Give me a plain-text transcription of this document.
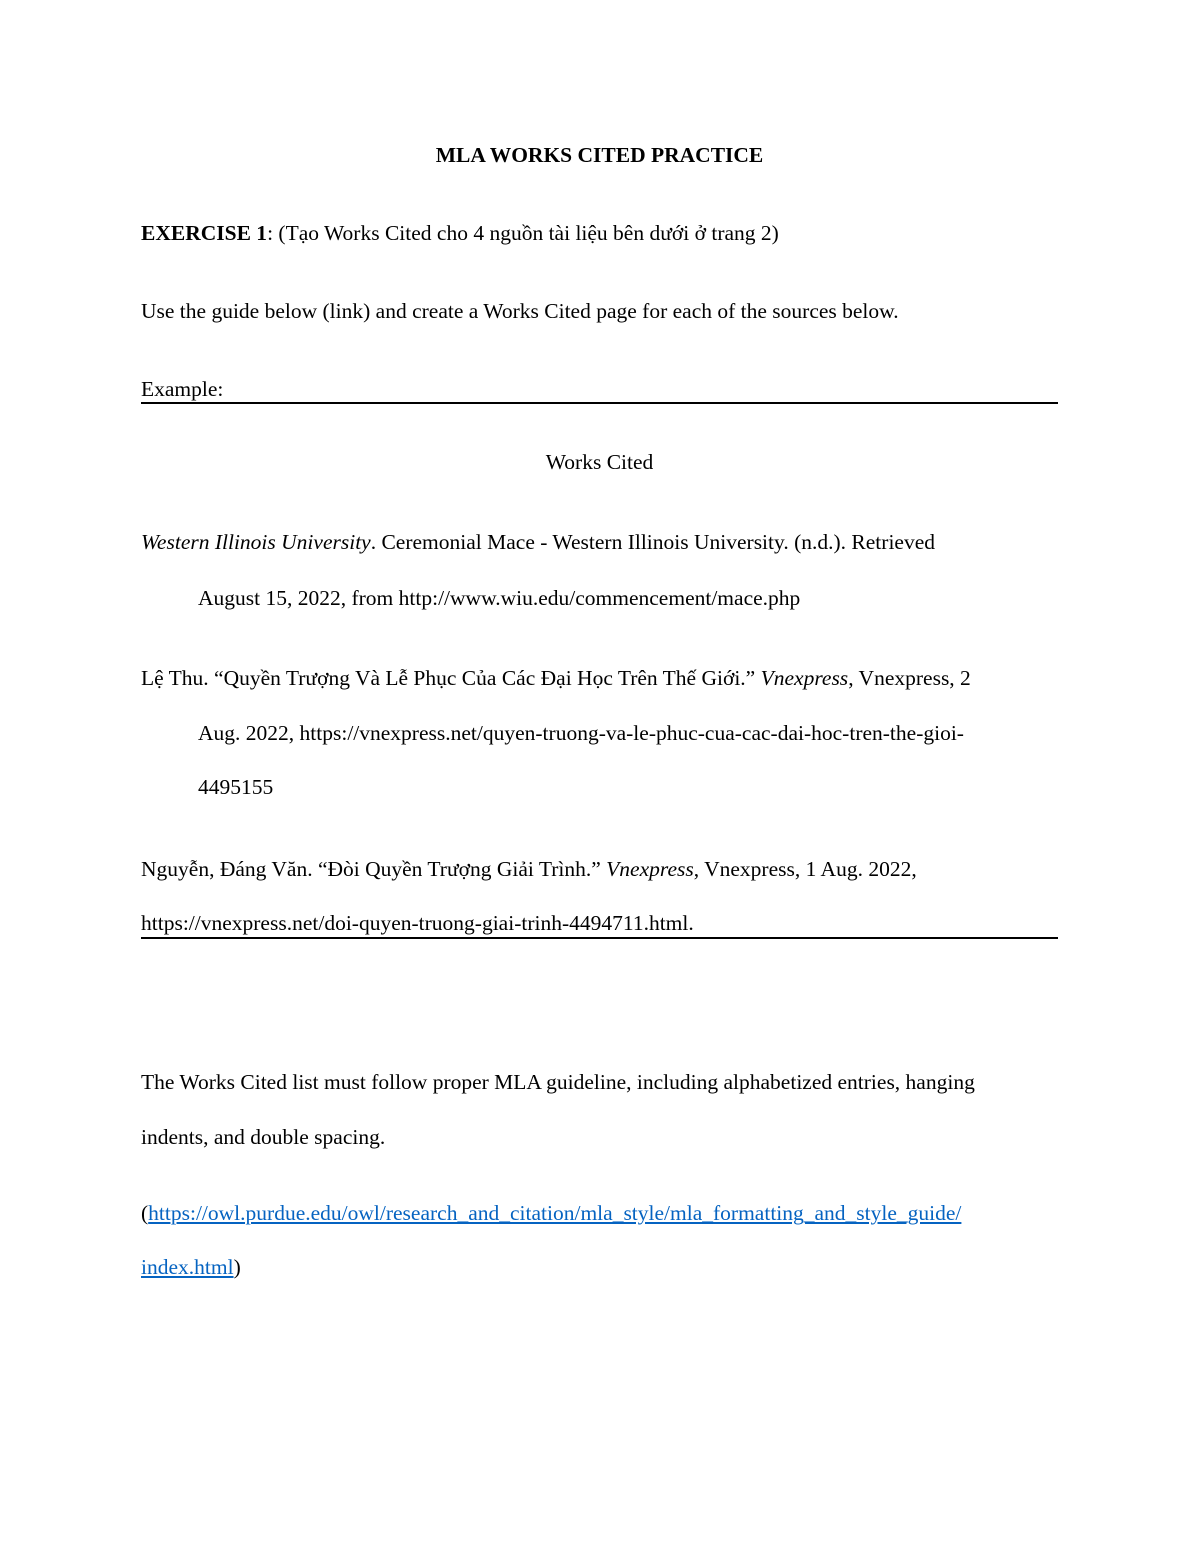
MLA WORKS CITED PRACTICE
EXERCISE 1: (Tạo Works Cited cho 4 nguồn tài liệu bên dưới ở trang 2)
Use the guide below (link) and create a Works Cited page for each of the sources below.
Example:
Works Cited
Western Illinois University. Ceremonial Mace - Western Illinois University. (n.d.). Retrieved
August 15, 2022, from http://www.wiu.edu/commencement/mace.php
Lệ Thu. “Quyền Trượng Và Lễ Phục Của Các Đại Học Trên Thế Giới.” Vnexpress, Vnexpress, 2
Aug. 2022, https://vnexpress.net/quyen-truong-va-le-phuc-cua-cac-dai-hoc-tren-the-gioi-
4495155
Nguyễn, Đáng Văn. “Đòi Quyền Trượng Giải Trình.” Vnexpress, Vnexpress, 1 Aug. 2022,
https://vnexpress.net/doi-quyen-truong-giai-trinh-4494711.html.
The Works Cited list must follow proper MLA guideline, including alphabetized entries, hanging
indents, and double spacing.
(https://owl.purdue.edu/owl/research_and_citation/mla_style/mla_formatting_and_style_guide/
index.html)
